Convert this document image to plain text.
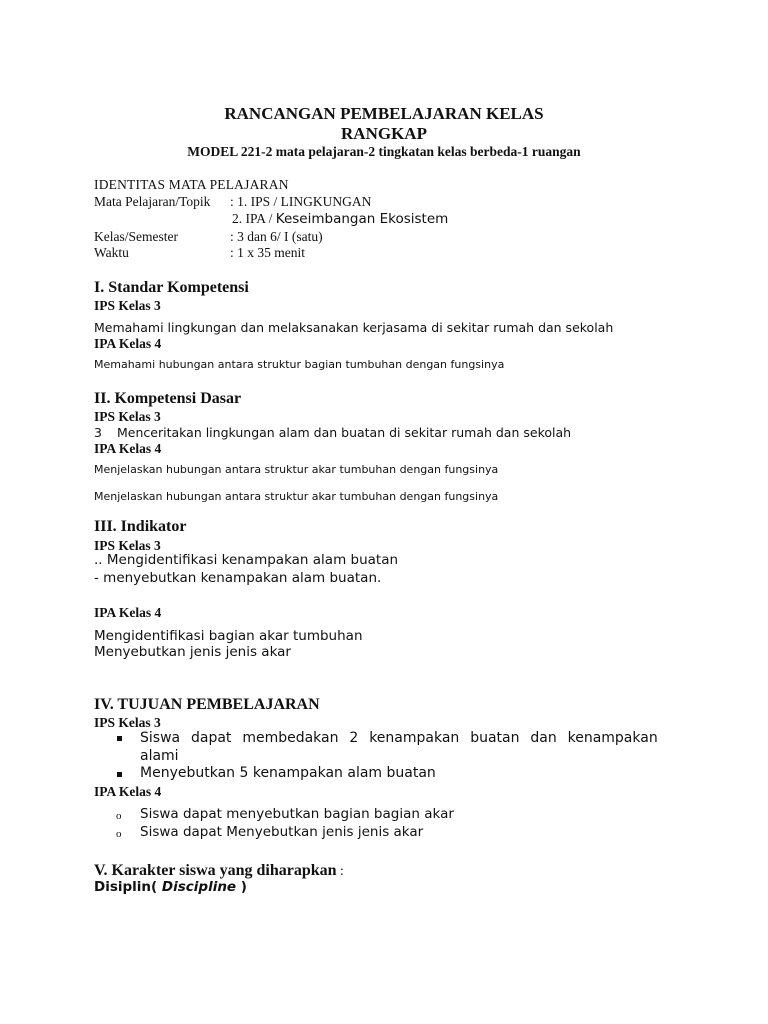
RANCANGAN PEMBELAJARAN KELAS
RANGKAP
MODEL 221-2 mata pelajaran-2 tingkatan kelas berbeda-1 ruangan
IDENTITAS MATA PELAJARAN
Mata Pelajaran/Topik : 1. IPS / LINGKUNGAN
2. IPA / Keseimbangan Ekosistem
Kelas/Semester	: 3 dan 6/ I (satu)
Waktu	: 1 x 35 menit
I. Standar Kompetensi
IPS Kelas 3
Memahami lingkungan dan melaksanakan kerjasama di sekitar rumah dan sekolah
IPA Kelas 4
Memahami hubungan antara struktur bagian tumbuhan dengan fungsinya
II. Kompetensi Dasar
IPS Kelas 3
3 Menceritakan lingkungan alam dan buatan di sekitar rumah dan sekolah
IPA Kelas 4
Menjelaskan hubungan antara struktur akar tumbuhan dengan fungsinya
Menjelaskan hubungan antara struktur akar tumbuhan dengan fungsinya
III. Indikator
IPS Kelas 3
.. Mengidentifikasi kenampakan alam buatan
- menyebutkan kenampakan alam buatan.
IPA Kelas 4
Mengidentifikasi bagian akar tumbuhan
Menyebutkan jenis jenis akar
IV. TUJUAN PEMBELAJARAN
IPS Kelas 3
Siswa  dapat  membedakan  2  kenampakan  buatan  dan  kenampakan
alami
Menyebutkan 5 kenampakan alam buatan
IPA Kelas 4
o Siswa dapat menyebutkan bagian bagian akar
o Siswa dapat Menyebutkan jenis jenis akar
V. Karakter siswa yang diharapkan :
Disiplin( Discipline )
